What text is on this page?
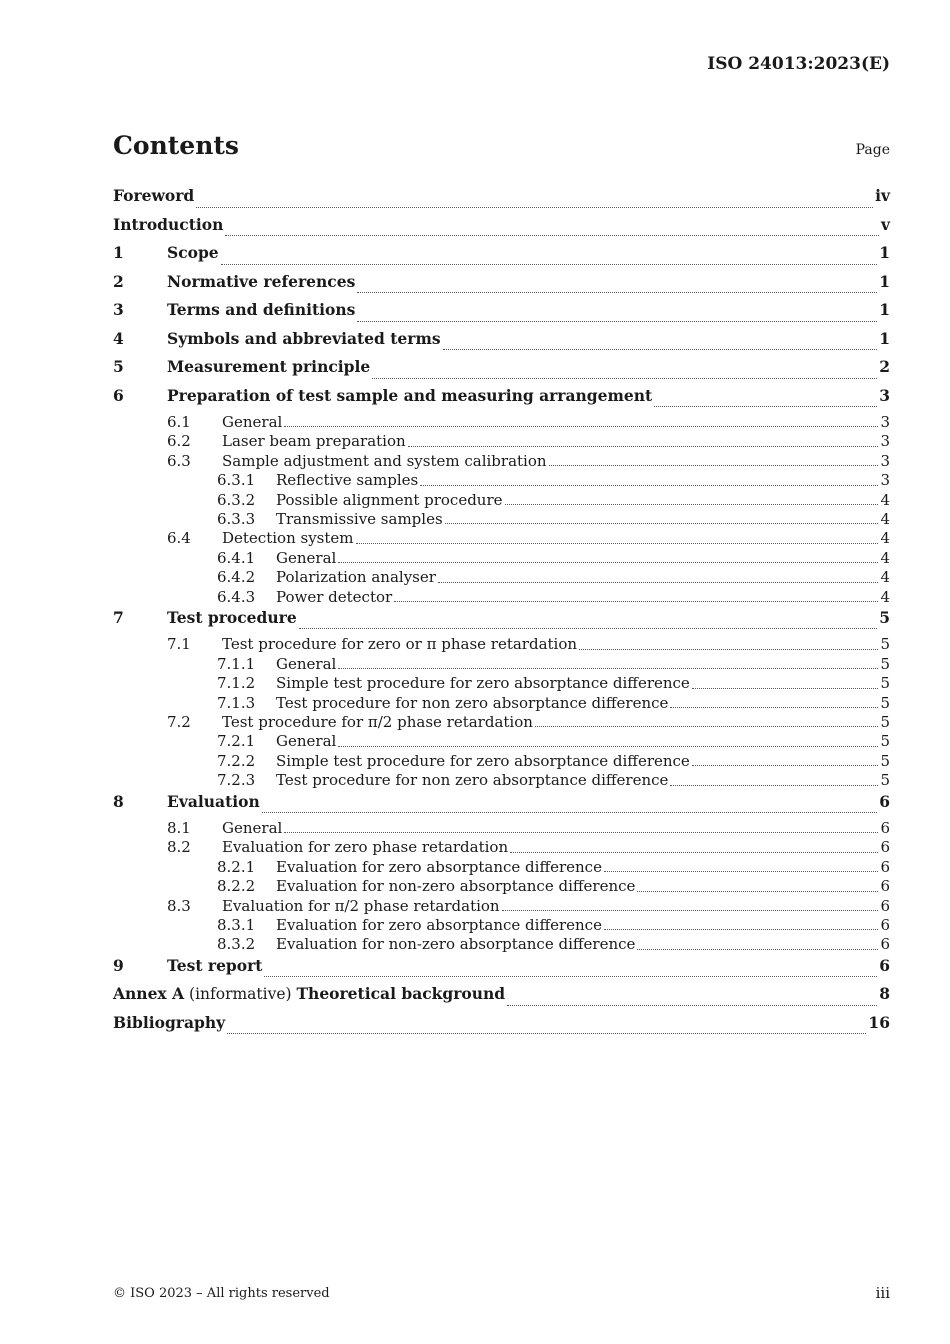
ISO 24013:2023(E)
Contents	Page
Foreword	iv
Introduction	v
1	Scope	1
2	Normative references	1
3	Terms and definitions	1
4	Symbols and abbreviated terms	1
5	Measurement principle	2
6	Preparation of test sample and measuring arrangement	3
6.1	General	3
6.2	Laser beam preparation	3
6.3	Sample adjustment and system calibration	3
6.3.1	Reflective samples	3
6.3.2	Possible alignment procedure	4
6.3.3	Transmissive samples	4
6.4	Detection system	4
6.4.1	General	4
6.4.2	Polarization analyser	4
6.4.3	Power detector	4
7	Test procedure	5
7.1	Test procedure for zero or π phase retardation	5
7.1.1	General	5
7.1.2	Simple test procedure for zero absorptance difference	5
7.1.3	Test procedure for non zero absorptance difference	5
7.2	Test procedure for π/2 phase retardation	5
7.2.1	General	5
7.2.2	Simple test procedure for zero absorptance difference	5
7.2.3	Test procedure for non zero absorptance difference	5
8	Evaluation	6
8.1	General	6
8.2	Evaluation for zero phase retardation	6
8.2.1	Evaluation for zero absorptance difference	6
8.2.2	Evaluation for non-zero absorptance difference	6
8.3	Evaluation for π/2 phase retardation	6
8.3.1	Evaluation for zero absorptance difference	6
8.3.2	Evaluation for non-zero absorptance difference	6
9	Test report	6
Annex A (informative) Theoretical background	8
Bibliography	16
© ISO 2023 – All rights reserved	iii
